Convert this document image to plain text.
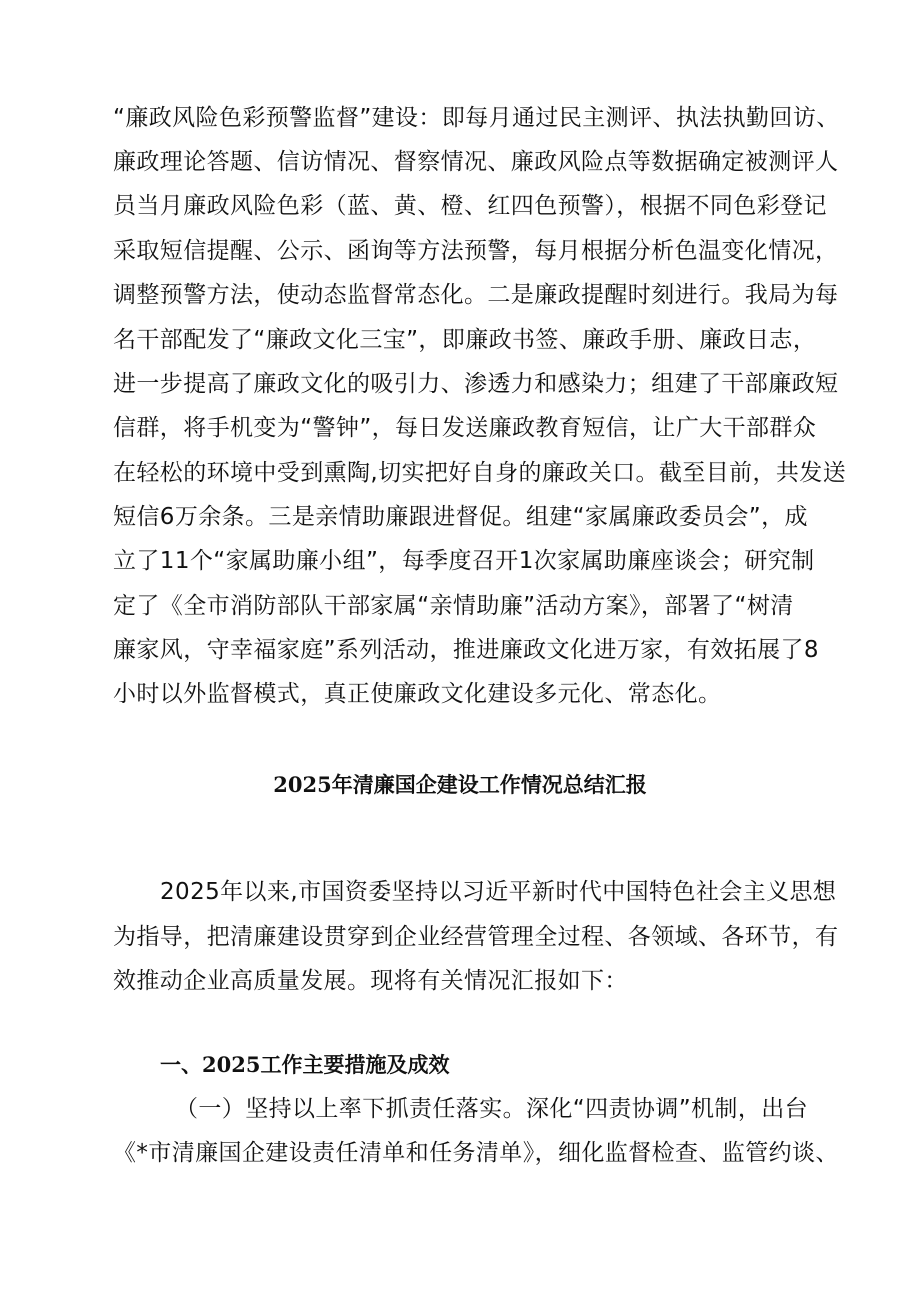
“廉政风险色彩预警监督”建设：即每月通过民主测评、执法执勤回访、
廉政理论答题、信访情况、督察情况、廉政风险点等数据确定被测评人
员当月廉政风险色彩（蓝、黄、橙、红四色预警），根据不同色彩登记
采取短信提醒、公示、函询等方法预警，每月根据分析色温变化情况，
调整预警方法，使动态监督常态化。二是廉政提醒时刻进行。我局为每
名干部配发了“廉政文化三宝”，即廉政书签、廉政手册、廉政日志，
进一步提高了廉政文化的吸引力、渗透力和感染力；组建了干部廉政短
信群，将手机变为“警钟”，每日发送廉政教育短信，让广大干部群众
在轻松的环境中受到熏陶,切实把好自身的廉政关口。截至目前，共发送
短信6万余条。三是亲情助廉跟进督促。组建“家属廉政委员会”，成
立了11个“家属助廉小组”，每季度召开1次家属助廉座谈会；研究制
定了《全市消防部队干部家属“亲情助廉”活动方案》，部署了“树清
廉家风，守幸福家庭”系列活动，推进廉政文化进万家，有效拓展了8
小时以外监督模式，真正使廉政文化建设多元化、常态化。
2025年清廉国企建设工作情况总结汇报
2025年以来,市国资委坚持以习近平新时代中国特色社会主义思想
为指导，把清廉建设贯穿到企业经营管理全过程、各领域、各环节，有
效推动企业高质量发展。现将有关情况汇报如下：
一、2025工作主要措施及成效
（一）坚持以上率下抓责任落实。深化“四责协调”机制，出台
《*市清廉国企建设责任清单和任务清单》，细化监督检查、监管约谈、
